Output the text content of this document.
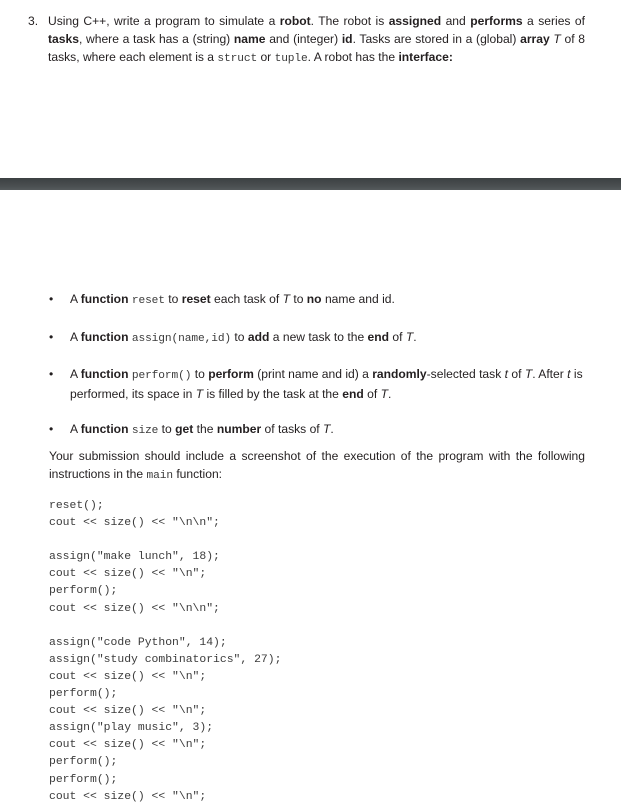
3. Using C++, write a program to simulate a robot. The robot is assigned and performs a series of tasks, where a task has a (string) name and (integer) id. Tasks are stored in a (global) array T of 8 tasks, where each element is a struct or tuple. A robot has the interface:
• A function reset to reset each task of T to no name and id.
• A function assign(name,id) to add a new task to the end of T.
• A function perform() to perform (print name and id) a randomly-selected task t of T. After t is performed, its space in T is filled by the task at the end of T.
• A function size to get the number of tasks of T.
Your submission should include a screenshot of the execution of the program with the following instructions in the main function:
reset();
cout << size() << "\n\n";
assign("make lunch", 18);
cout << size() << "\n";
perform();
cout << size() << "\n\n";
assign("code Python", 14);
assign("study combinatorics", 27);
cout << size() << "\n";
perform();
cout << size() << "\n";
assign("play music", 3);
cout << size() << "\n";
perform();
perform();
cout << size() << "\n";
